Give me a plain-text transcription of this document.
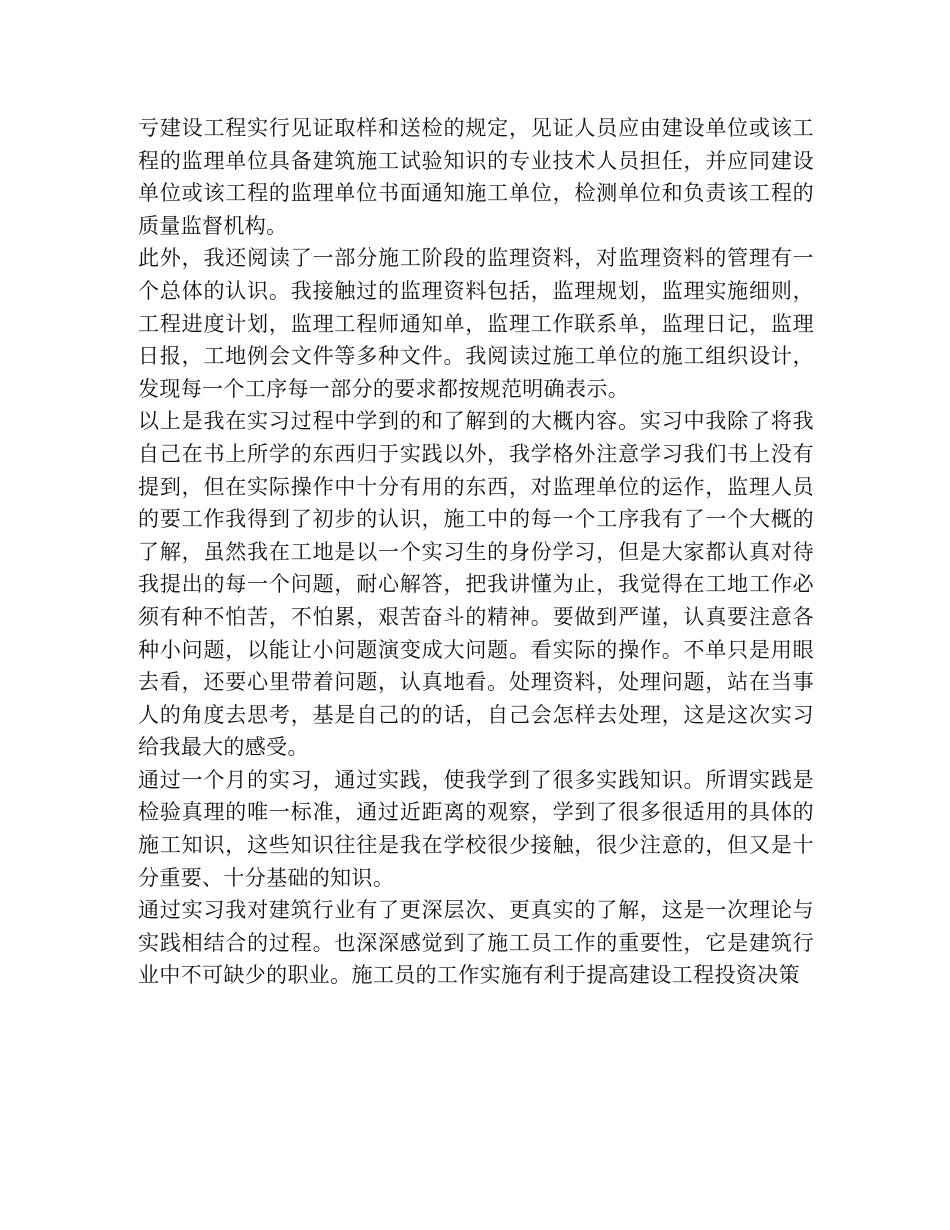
亏建设工程实行见证取样和送检的规定，见证人员应由建设单位或该工程的监理单位具备建筑施工试验知识的专业技术人员担任，并应同建设单位或该工程的监理单位书面通知施工单位，检测单位和负责该工程的质量监督机构。

此外，我还阅读了一部分施工阶段的监理资料，对监理资料的管理有一个总体的认识。我接触过的监理资料包括，监理规划，监理实施细则，工程进度计划，监理工程师通知单，监理工作联系单，监理日记，监理日报，工地例会文件等多种文件。我阅读过施工单位的施工组织设计，发现每一个工序每一部分的要求都按规范明确表示。

以上是我在实习过程中学到的和了解到的大概内容。实习中我除了将我自己在书上所学的东西归于实践以外，我学格外注意学习我们书上没有提到，但在实际操作中十分有用的东西，对监理单位的运作，监理人员的要工作我得到了初步的认识，施工中的每一个工序我有了一个大概的了解，虽然我在工地是以一个实习生的身份学习，但是大家都认真对待我提出的每一个问题，耐心解答，把我讲懂为止，我觉得在工地工作必须有种不怕苦，不怕累，艰苦奋斗的精神。要做到严谨，认真要注意各种小问题，以能让小问题演变成大问题。看实际的操作。不单只是用眼去看，还要心里带着问题，认真地看。处理资料，处理问题，站在当事人的角度去思考，基是自己的的话，自己会怎样去处理，这是这次实习给我最大的感受。

通过一个月的实习，通过实践，使我学到了很多实践知识。所谓实践是检验真理的唯一标准，通过近距离的观察，学到了很多很适用的具体的施工知识，这些知识往往是我在学校很少接触，很少注意的，但又是十分重要、十分基础的知识。

通过实习我对建筑行业有了更深层次、更真实的了解，这是一次理论与实践相结合的过程。也深深感觉到了施工员工作的重要性，它是建筑行业中不可缺少的职业。施工员的工作实施有利于提高建设工程投资决策
